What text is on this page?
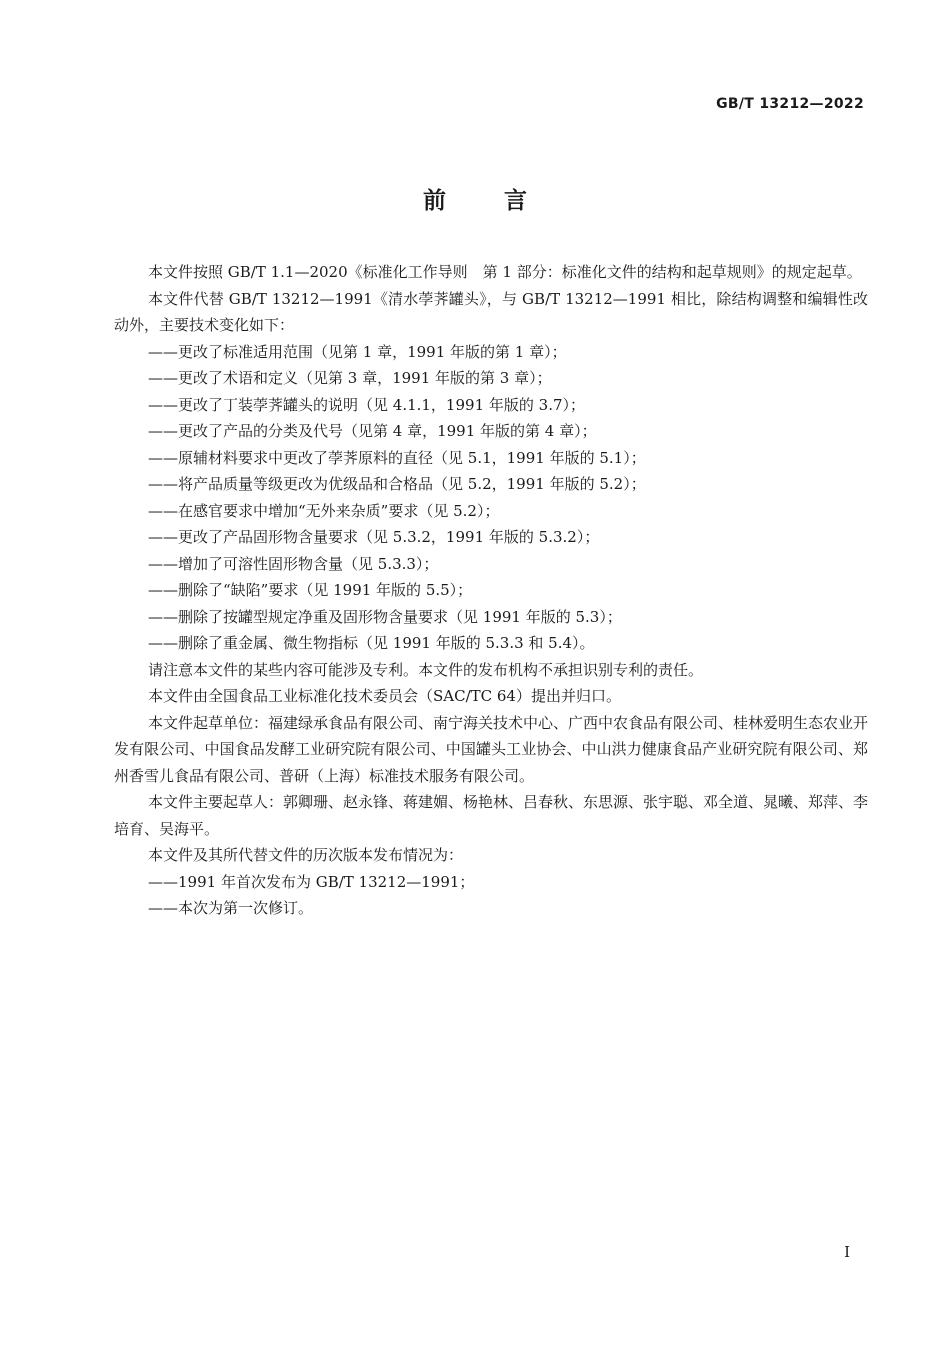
GB/T 13212—2022
前言

本文件按照 GB/T 1.1—2020《标准化工作导则　第 1 部分：标准化文件的结构和起草规则》的规定起草。

本文件代替 GB/T 13212—1991《清水荸荠罐头》，与 GB/T 13212—1991 相比，除结构调整和编辑性改动外，主要技术变化如下：

——更改了标准适用范围（见第 1 章，1991 年版的第 1 章）；

——更改了术语和定义（见第 3 章，1991 年版的第 3 章）；

——更改了丁装荸荠罐头的说明（见 4.1.1，1991 年版的 3.7）；

——更改了产品的分类及代号（见第 4 章，1991 年版的第 4 章）；

——原辅材料要求中更改了荸荠原料的直径（见 5.1，1991 年版的 5.1）；

——将产品质量等级更改为优级品和合格品（见 5.2，1991 年版的 5.2）；

——在感官要求中增加“无外来杂质”要求（见 5.2）；

——更改了产品固形物含量要求（见 5.3.2，1991 年版的 5.3.2）；

——增加了可溶性固形物含量（见 5.3.3）；

——删除了“缺陷”要求（见 1991 年版的 5.5）；

——删除了按罐型规定净重及固形物含量要求（见 1991 年版的 5.3）；

——删除了重金属、微生物指标（见 1991 年版的 5.3.3 和 5.4）。

请注意本文件的某些内容可能涉及专利。本文件的发布机构不承担识别专利的责任。

本文件由全国食品工业标准化技术委员会（SAC/TC 64）提出并归口。

本文件起草单位：福建绿承食品有限公司、南宁海关技术中心、广西中农食品有限公司、桂林爱明生态农业开发有限公司、中国食品发酵工业研究院有限公司、中国罐头工业协会、中山洪力健康食品产业研究院有限公司、郑州香雪儿食品有限公司、普研（上海）标准技术服务有限公司。

本文件主要起草人：郭卿珊、赵永锋、蒋建媚、杨艳林、吕春秋、东思源、张宇聪、邓全道、晁曦、郑萍、李培育、吴海平。

本文件及其所代替文件的历次版本发布情况为：

——1991 年首次发布为 GB/T 13212—1991；

——本次为第一次修订。

I
